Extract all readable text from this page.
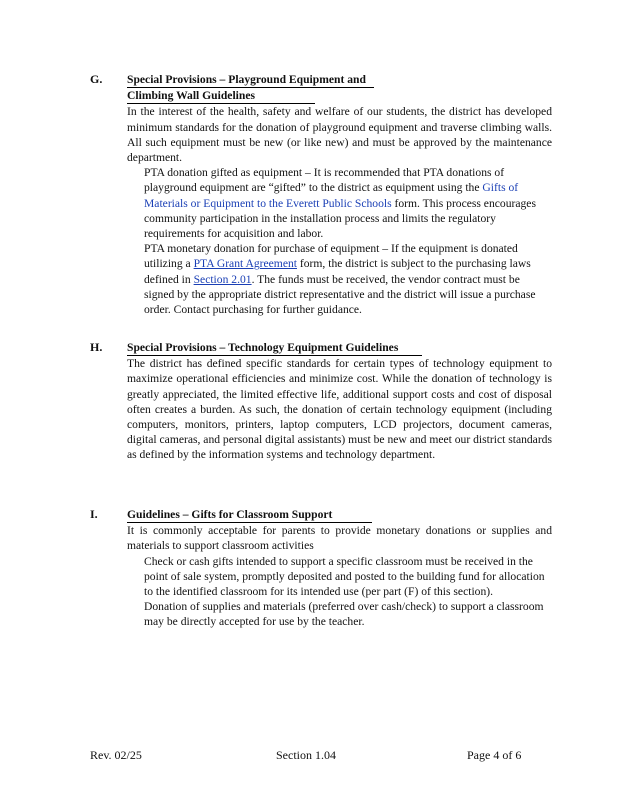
G. Special Provisions – Playground Equipment and
Climbing Wall Guidelines

In the interest of the health, safety and welfare of our students, the district has developed minimum standards for the donation of playground equipment and traverse climbing walls. All such equipment must be new (or like new) and must be approved by the maintenance department.

PTA donation gifted as equipment – It is recommended that PTA donations of playground equipment are “gifted” to the district as equipment using the Gifts of Materials or Equipment to the Everett Public Schools form. This process encourages community participation in the installation process and limits the regulatory requirements for acquisition and labor.
PTA monetary donation for purchase of equipment – If the equipment is donated utilizing a PTA Grant Agreement form, the district is subject to the purchasing laws defined in Section 2.01. The funds must be received, the vendor contract must be signed by the appropriate district representative and the district will issue a purchase order. Contact purchasing for further guidance.
H. Special Provisions – Technology Equipment Guidelines

The district has defined specific standards for certain types of technology equipment to maximize operational efficiencies and minimize cost. While the donation of technology is greatly appreciated, the limited effective life, additional support costs and cost of disposal often creates a burden. As such, the donation of certain technology equipment (including computers, monitors, printers, laptop computers, LCD projectors, document cameras, digital cameras, and personal digital assistants) must be new and meet our district standards as defined by the information systems and technology department.

I.	Guidelines – Gifts for Classroom Support

It is commonly acceptable for parents to provide monetary donations or supplies and materials to support classroom activities

Check or cash gifts intended to support a specific classroom must be received in the point of sale system, promptly deposited and posted to the building fund for allocation to the identified classroom for its intended use (per part (F) of this section).
Donation of supplies and materials (preferred over cash/check) to support a classroom may be directly accepted for use by the teacher.
Rev. 02/25	Section 1.04	Page 4 of 6
